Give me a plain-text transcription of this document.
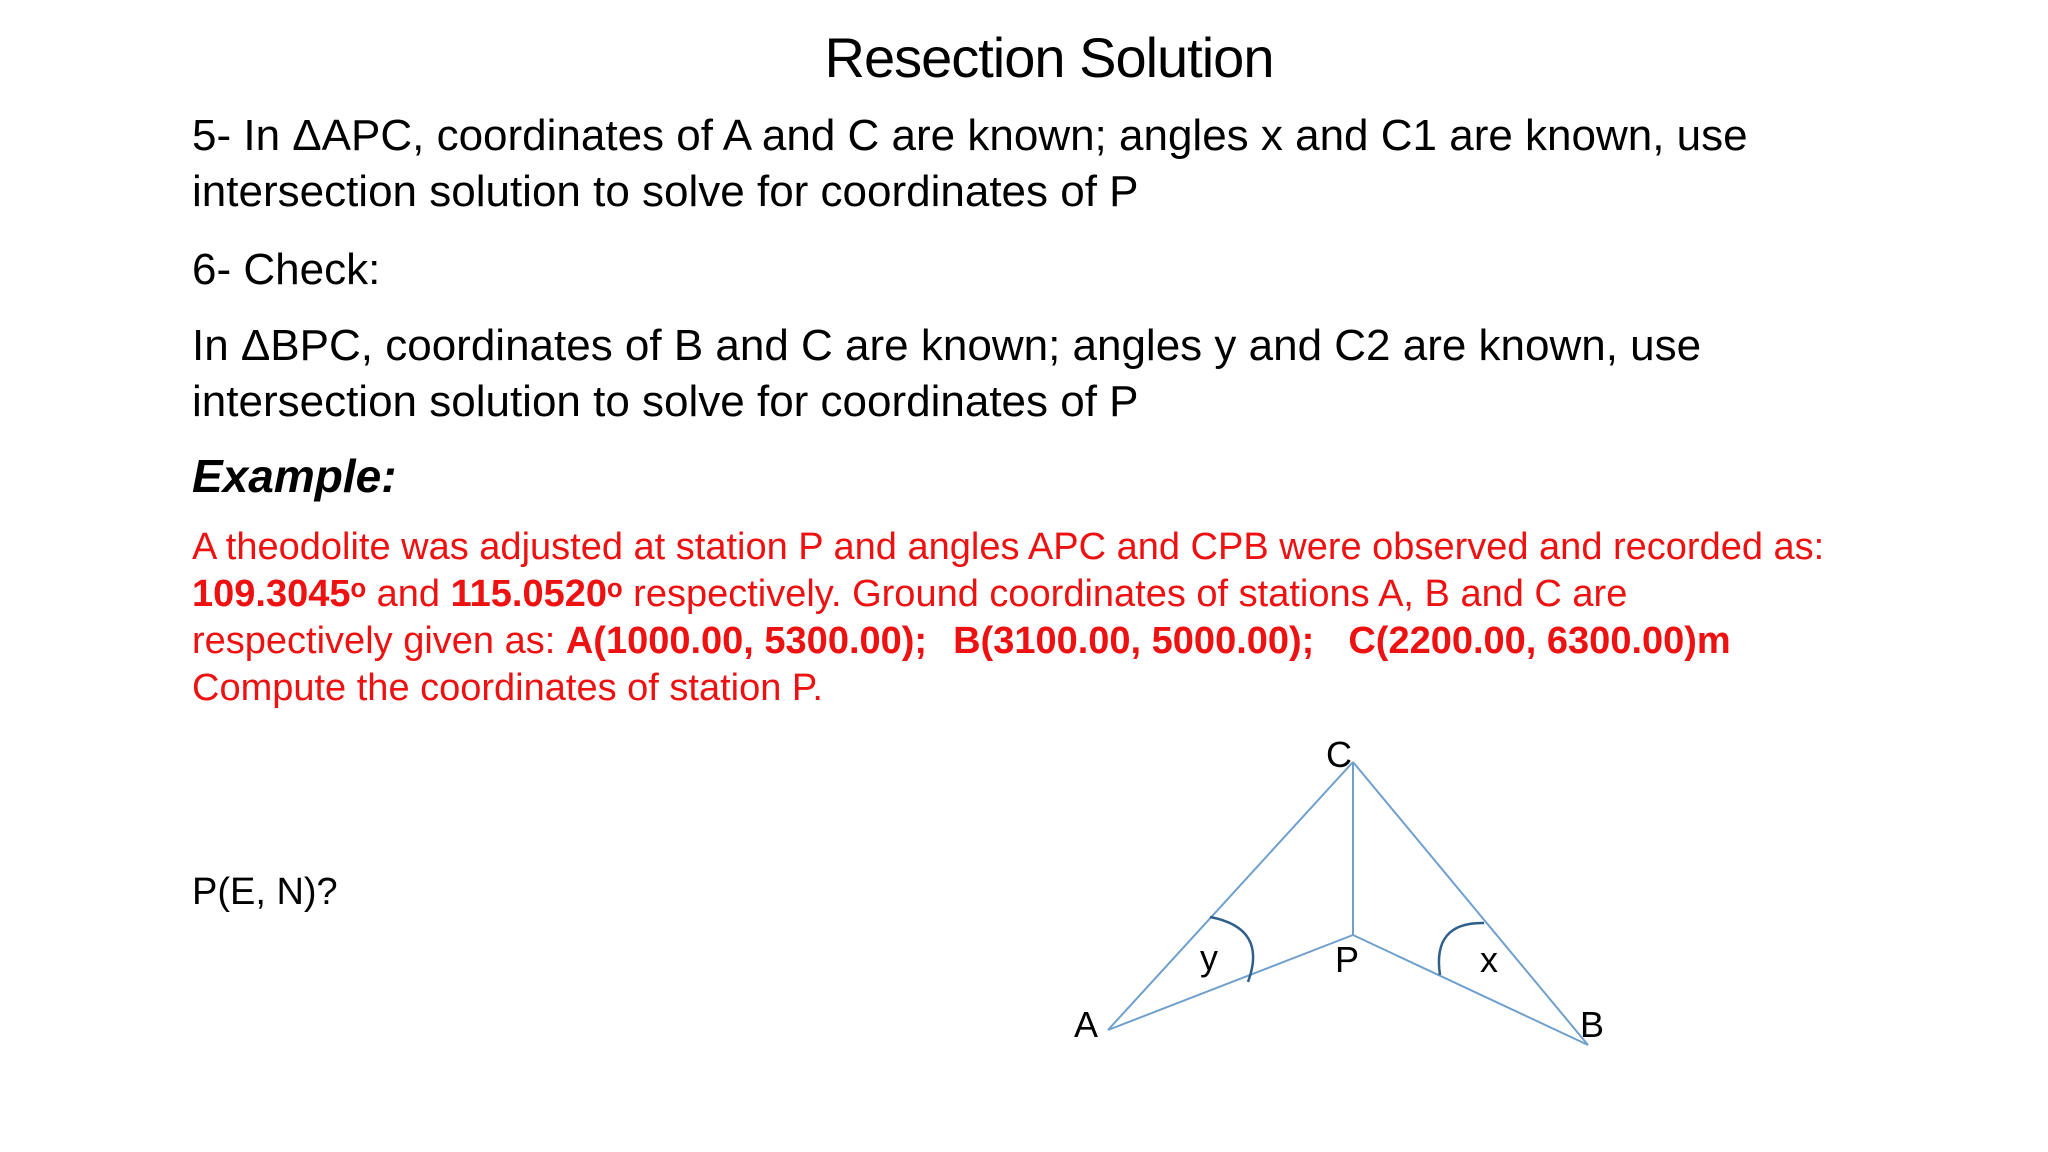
Resection Solution
5- In ΔAPC, coordinates of A and C are known; angles x and C1 are known, use intersection solution to solve for coordinates of P
6- Check:
In ΔBPC, coordinates of B and C are known; angles y and C2 are known, use intersection solution to solve for coordinates of P
Example:
A theodolite was adjusted at station P and angles APC and CPB were observed and recorded as:
109.3045ᵒ and 115.0520ᵒ respectively. Ground coordinates of stations A, B and C are
respectively given as: A(1000.00, 5300.00); B(3100.00, 5000.00); C(2200.00, 6300.00)m
Compute the coordinates of station P.
P(E, N)?
C
P
A	B
y	x
